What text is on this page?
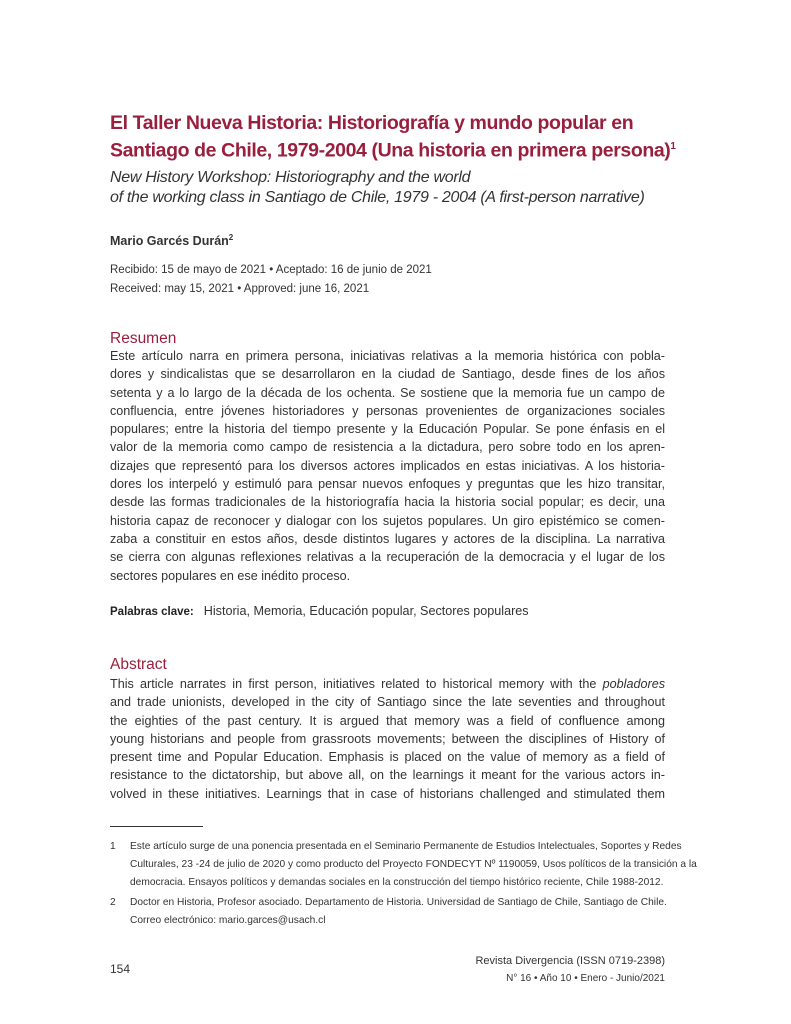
El Taller Nueva Historia: Historiografía y mundo popular en
Santiago de Chile, 1979-2004 (Una historia en primera persona)$^1$
New History Workshop: Historiography and the world
of the working class in Santiago de Chile, 1979 - 2004 (A first-person narrative)
Mario Garcés Durán$^2$
Recibido: 15 de mayo de 2021 • Aceptado: 16 de junio de 2021
Received: may 15, 2021 • Approved: june 16, 2021
Resumen
Este artículo narra en primera persona, iniciativas relativas a la memoria histórica con pobla-
dores y sindicalistas que se desarrollaron en la ciudad de Santiago, desde fines de los años
setenta y a lo largo de la década de los ochenta. Se sostiene que la memoria fue un campo de
confluencia, entre jóvenes historiadores y personas provenientes de organizaciones sociales
populares; entre la historia del tiempo presente y la Educación Popular. Se pone énfasis en el
valor de la memoria como campo de resistencia a la dictadura, pero sobre todo en los apren-
dizajes que representó para los diversos actores implicados en estas iniciativas. A los historia-
dores los interpeló y estimuló para pensar nuevos enfoques y preguntas que les hizo transitar,
desde las formas tradicionales de la historiografía hacia la historia social popular; es decir, una
historia capaz de reconocer y dialogar con los sujetos populares. Un giro epistémico se comen-
zaba a constituir en estos años, desde distintos lugares y actores de la disciplina. La narrativa
se cierra con algunas reflexiones relativas a la recuperación de la democracia y el lugar de los
sectores populares en ese inédito proceso.
Palabras clave: Historia, Memoria, Educación popular, Sectores populares
Abstract
This article narrates in first person, initiatives related to historical memory with the pobladores
and trade unionists, developed in the city of Santiago since the late seventies and throughout
the eighties of the past century. It is argued that memory was a field of confluence among
young historians and people from grassroots movements; between the disciplines of History of
present time and Popular Education. Emphasis is placed on the value of memory as a field of
resistance to the dictatorship, but above all, on the learnings it meant for the various actors in-
volved in these initiatives. Learnings that in case of historians challenged and stimulated them
1 Este artículo surge de una ponencia presentada en el Seminario Permanente de Estudios Intelectuales, Soportes y Redes
Culturales, 23 -24 de julio de 2020 y como producto del Proyecto FONDECYT Nº 1190059, Usos políticos de la transición a la
democracia. Ensayos políticos y demandas sociales en la construcción del tiempo histórico reciente, Chile 1988-2012.
2 Doctor en Historia, Profesor asociado. Departamento de Historia. Universidad de Santiago de Chile, Santiago de Chile.
Correo electrónico: mario.garces@usach.cl
154
Revista Divergencia (ISSN 0719-2398)
N° 16 • Año 10 • Enero - Junio/2021
